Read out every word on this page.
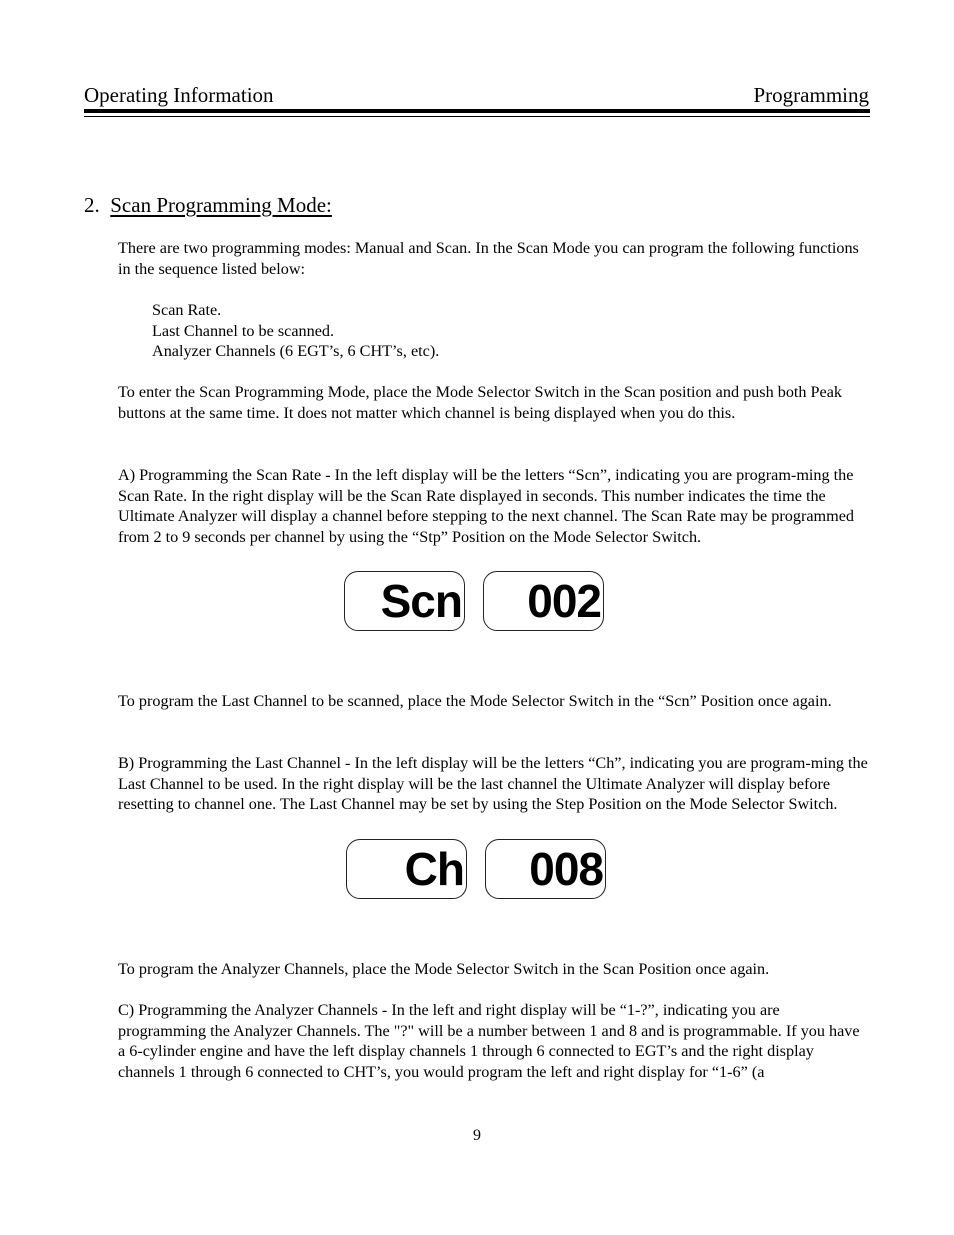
Operating Information	Programming
2. Scan Programming Mode:

There are two programming modes: Manual and Scan. In the Scan Mode you can program the following functions in the sequence listed below:

Scan Rate.

Last Channel to be scanned.

Analyzer Channels (6 EGT’s, 6 CHT’s, etc).

To enter the Scan Programming Mode, place the Mode Selector Switch in the Scan position and push both Peak buttons at the same time. It does not matter which channel is being displayed when you do this.

A) Programming the Scan Rate - In the left display will be the letters “Scn”, indicating you are program-ming the Scan Rate. In the right display will be the Scan Rate displayed in seconds. This number indicates the time the Ultimate Analyzer will display a channel before stepping to the next channel. The Scan Rate may be programmed from 2 to 9 seconds per channel by using the “Stp” Position on the Mode Selector Switch.

Scn	002

To program the Last Channel to be scanned, place the Mode Selector Switch in the “Scn” Position once again.

B) Programming the Last Channel - In the left display will be the letters “Ch”, indicating you are program-ming the Last Channel to be used. In the right display will be the last channel the Ultimate Analyzer will display before resetting to channel one. The Last Channel may be set by using the Step Position on the Mode Selector Switch.

Ch	008

To program the Analyzer Channels, place the Mode Selector Switch in the Scan Position once again.

C) Programming the Analyzer Channels - In the left and right display will be “1-?”, indicating you are programming the Analyzer Channels. The "?" will be a number between 1 and 8 and is programmable. If you have a 6-cylinder engine and have the left display channels 1 through 6 connected to EGT’s and the right display channels 1 through 6 connected to CHT’s, you would program the left and right display for “1-6” (a

9
